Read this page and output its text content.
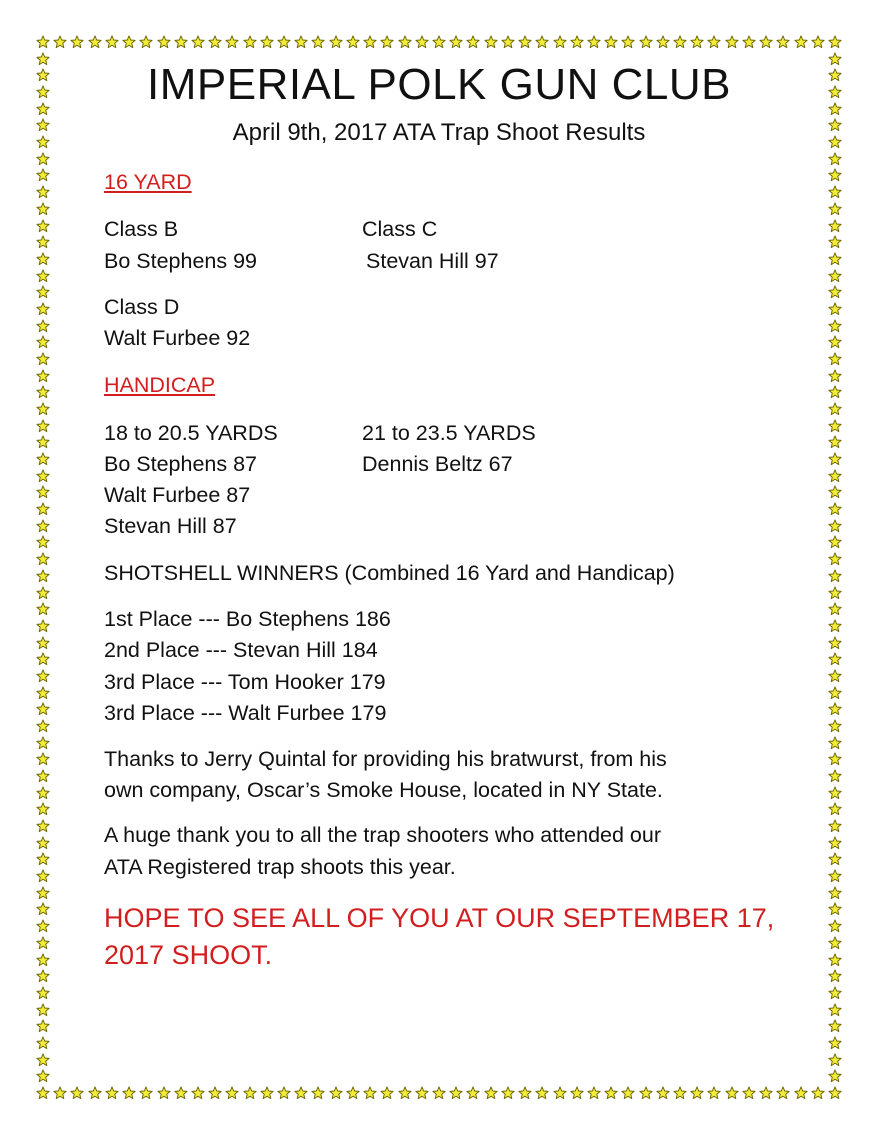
IMPERIAL POLK GUN CLUB
April 9th, 2017 ATA Trap Shoot Results
16 YARD
Class B
Bo Stephens 99
Class C
Stevan Hill 97
Class D
Walt Furbee 92
HANDICAP
18 to 20.5 YARDS
Bo Stephens 87
Walt Furbee 87
Stevan Hill 87
21 to 23.5 YARDS
Dennis Beltz 67
SHOTSHELL WINNERS (Combined 16 Yard and Handicap)
1st Place --- Bo Stephens 186
2nd Place --- Stevan Hill 184
3rd Place --- Tom Hooker 179
3rd Place --- Walt Furbee 179
Thanks to Jerry Quintal for providing his bratwurst, from his
own company, Oscar’s Smoke House, located in NY State.
A huge thank you to all the trap shooters who attended our
ATA Registered trap shoots this year.
HOPE TO SEE ALL OF YOU AT OUR SEPTEMBER 17,
2017 SHOOT.
